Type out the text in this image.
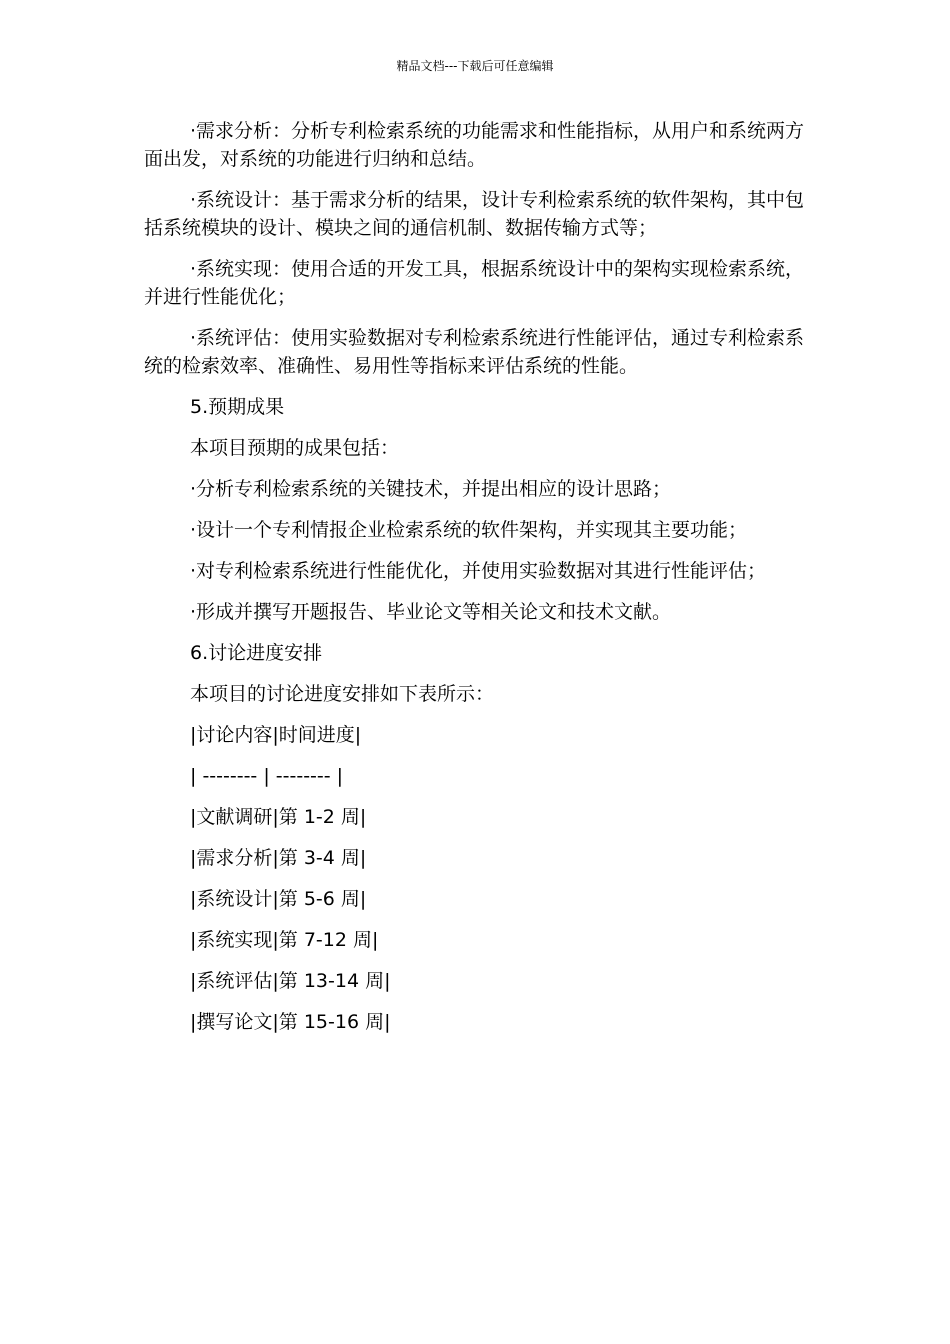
精品文档---下载后可任意编辑

·需求分析：分析专利检索系统的功能需求和性能指标，从用户和系统两方面出发，对系统的功能进行归纳和总结。

·系统设计：基于需求分析的结果，设计专利检索系统的软件架构，其中包括系统模块的设计、模块之间的通信机制、数据传输方式等；

·系统实现：使用合适的开发工具，根据系统设计中的架构实现检索系统，并进行性能优化；

·系统评估：使用实验数据对专利检索系统进行性能评估，通过专利检索系统的检索效率、准确性、易用性等指标来评估系统的性能。

5.预期成果
本项目预期的成果包括：
·分析专利检索系统的关键技术，并提出相应的设计思路；
·设计一个专利情报企业检索系统的软件架构，并实现其主要功能；
·对专利检索系统进行性能优化，并使用实验数据对其进行性能评估；
·形成并撰写开题报告、毕业论文等相关论文和技术文献。
6.讨论进度安排
本项目的讨论进度安排如下表所示：
|讨论内容|时间进度|
| -------- | -------- |
|文献调研|第 1-2 周|
|需求分析|第 3-4 周|
|系统设计|第 5-6 周|
|系统实现|第 7-12 周|
|系统评估|第 13-14 周|
|撰写论文|第 15-16 周|
